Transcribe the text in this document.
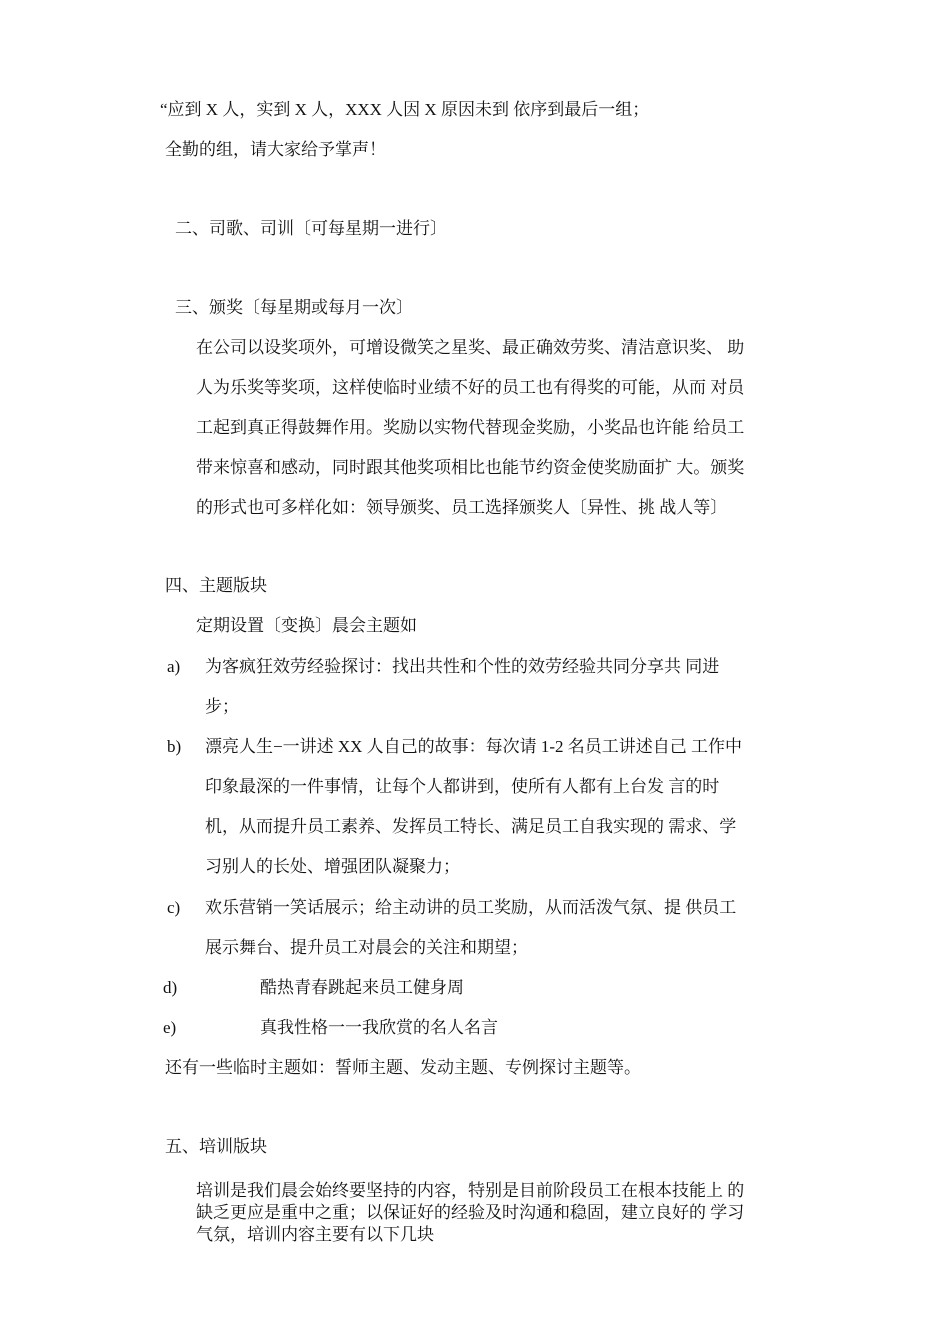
“应到 X 人，实到 X 人，XXX 人因 X 原因未到 依序到最后一组；
全勤的组，请大家给予掌声！
二、司歌、司训〔可每星期一进行〕
三、颁奖〔每星期或每月一次〕
在公司以设奖项外，可增设微笑之星奖、最正确效劳奖、清洁意识奖、 助
人为乐奖等奖项，这样使临时业绩不好的员工也有得奖的可能，从而 对员
工起到真正得鼓舞作用。奖励以实物代替现金奖励，小奖品也许能 给员工
带来惊喜和感动，同时跟其他奖项相比也能节约资金使奖励面扩 大。颁奖
的形式也可多样化如：领导颁奖、员工选择颁奖人〔异性、挑 战人等〕
四、主题版块
定期设置〔变换〕晨会主题如
a) 为客疯狂效劳经验探讨：找出共性和个性的效劳经验共同分享共 同进
步；
b) 漂亮人生−一讲述 XX 人自己的故事：每次请 1-2 名员工讲述自己 工作中
印象最深的一件事情，让每个人都讲到，使所有人都有上台发 言的时
机，从而提升员工素养、发挥员工特长、满足员工自我实现的 需求、学
习别人的长处、增强团队凝聚力；
c) 欢乐营销一笑话展示；给主动讲的员工奖励，从而活泼气氛、提 供员工
展示舞台、提升员工对晨会的关注和期望；
d)	酷热青春跳起来员工健身周
e)	真我性格一一我欣赏的名人名言
还有一些临时主题如：誓师主题、发动主题、专例探讨主题等。
五、培训版块
培训是我们晨会始终要坚持的内容，特别是目前阶段员工在根本技能上 的
缺乏更应是重中之重；以保证好的经验及时沟通和稳固，建立良好的 学习
气氛，培训内容主要有以下几块
